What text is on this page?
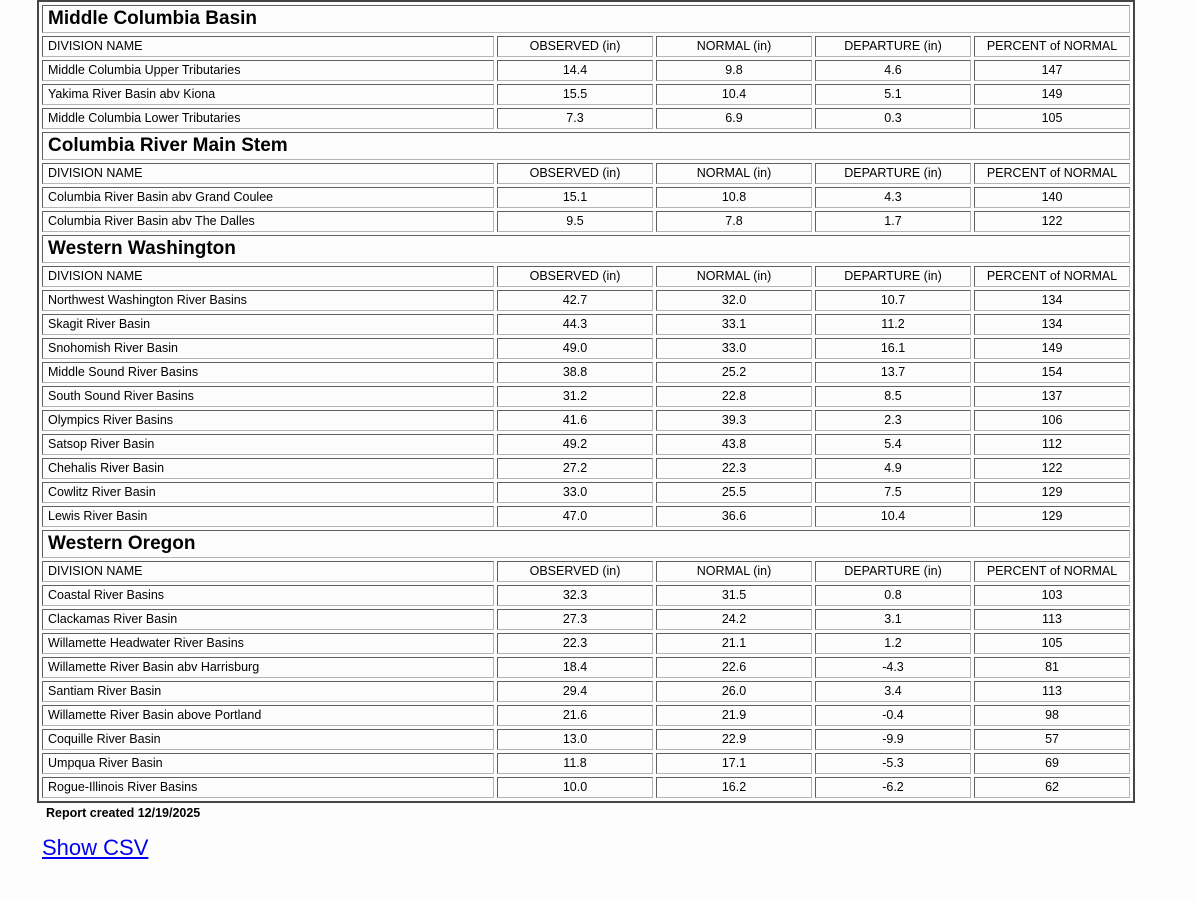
Middle Columbia Basin				

DIVISION NAME	OBSERVED (in)	NORMAL (in)	DEPARTURE (in)	PERCENT of NORMAL
Middle Columbia Upper Tributaries	14.4	9.8	4.6	147
Yakima River Basin abv Kiona	15.5	10.4	5.1	149
Middle Columbia Lower Tributaries	7.3	6.9	0.3	105

Columbia River Main Stem				

DIVISION NAME	OBSERVED (in)	NORMAL (in)	DEPARTURE (in)	PERCENT of NORMAL
Columbia River Basin abv Grand Coulee	15.1	10.8	4.3	140
Columbia River Basin abv The Dalles	9.5	7.8	1.7	122

Western Washington				

DIVISION NAME	OBSERVED (in)	NORMAL (in)	DEPARTURE (in)	PERCENT of NORMAL
Northwest Washington River Basins	42.7	32.0	10.7	134
Skagit River Basin	44.3	33.1	11.2	134
Snohomish River Basin	49.0	33.0	16.1	149
Middle Sound River Basins	38.8	25.2	13.7	154
South Sound River Basins	31.2	22.8	8.5	137
Olympics River Basins	41.6	39.3	2.3	106
Satsop River Basin	49.2	43.8	5.4	112
Chehalis River Basin	27.2	22.3	4.9	122
Cowlitz River Basin	33.0	25.5	7.5	129
Lewis River Basin	47.0	36.6	10.4	129

Western Oregon				

DIVISION NAME	OBSERVED (in)	NORMAL (in)	DEPARTURE (in)	PERCENT of NORMAL
Coastal River Basins	32.3	31.5	0.8	103
Clackamas River Basin	27.3	24.2	3.1	113
Willamette Headwater River Basins	22.3	21.1	1.2	105
Willamette River Basin abv Harrisburg	18.4	22.6	-4.3	81
Santiam River Basin	29.4	26.0	3.4	113
Willamette River Basin above Portland	21.6	21.9	-0.4	98
Coquille River Basin	13.0	22.9	-9.9	57
Umpqua River Basin	11.8	17.1	-5.3	69
Rogue-Illinois River Basins	10.0	16.2	-6.2	62
Report created 12/19/2025
Show CSV
